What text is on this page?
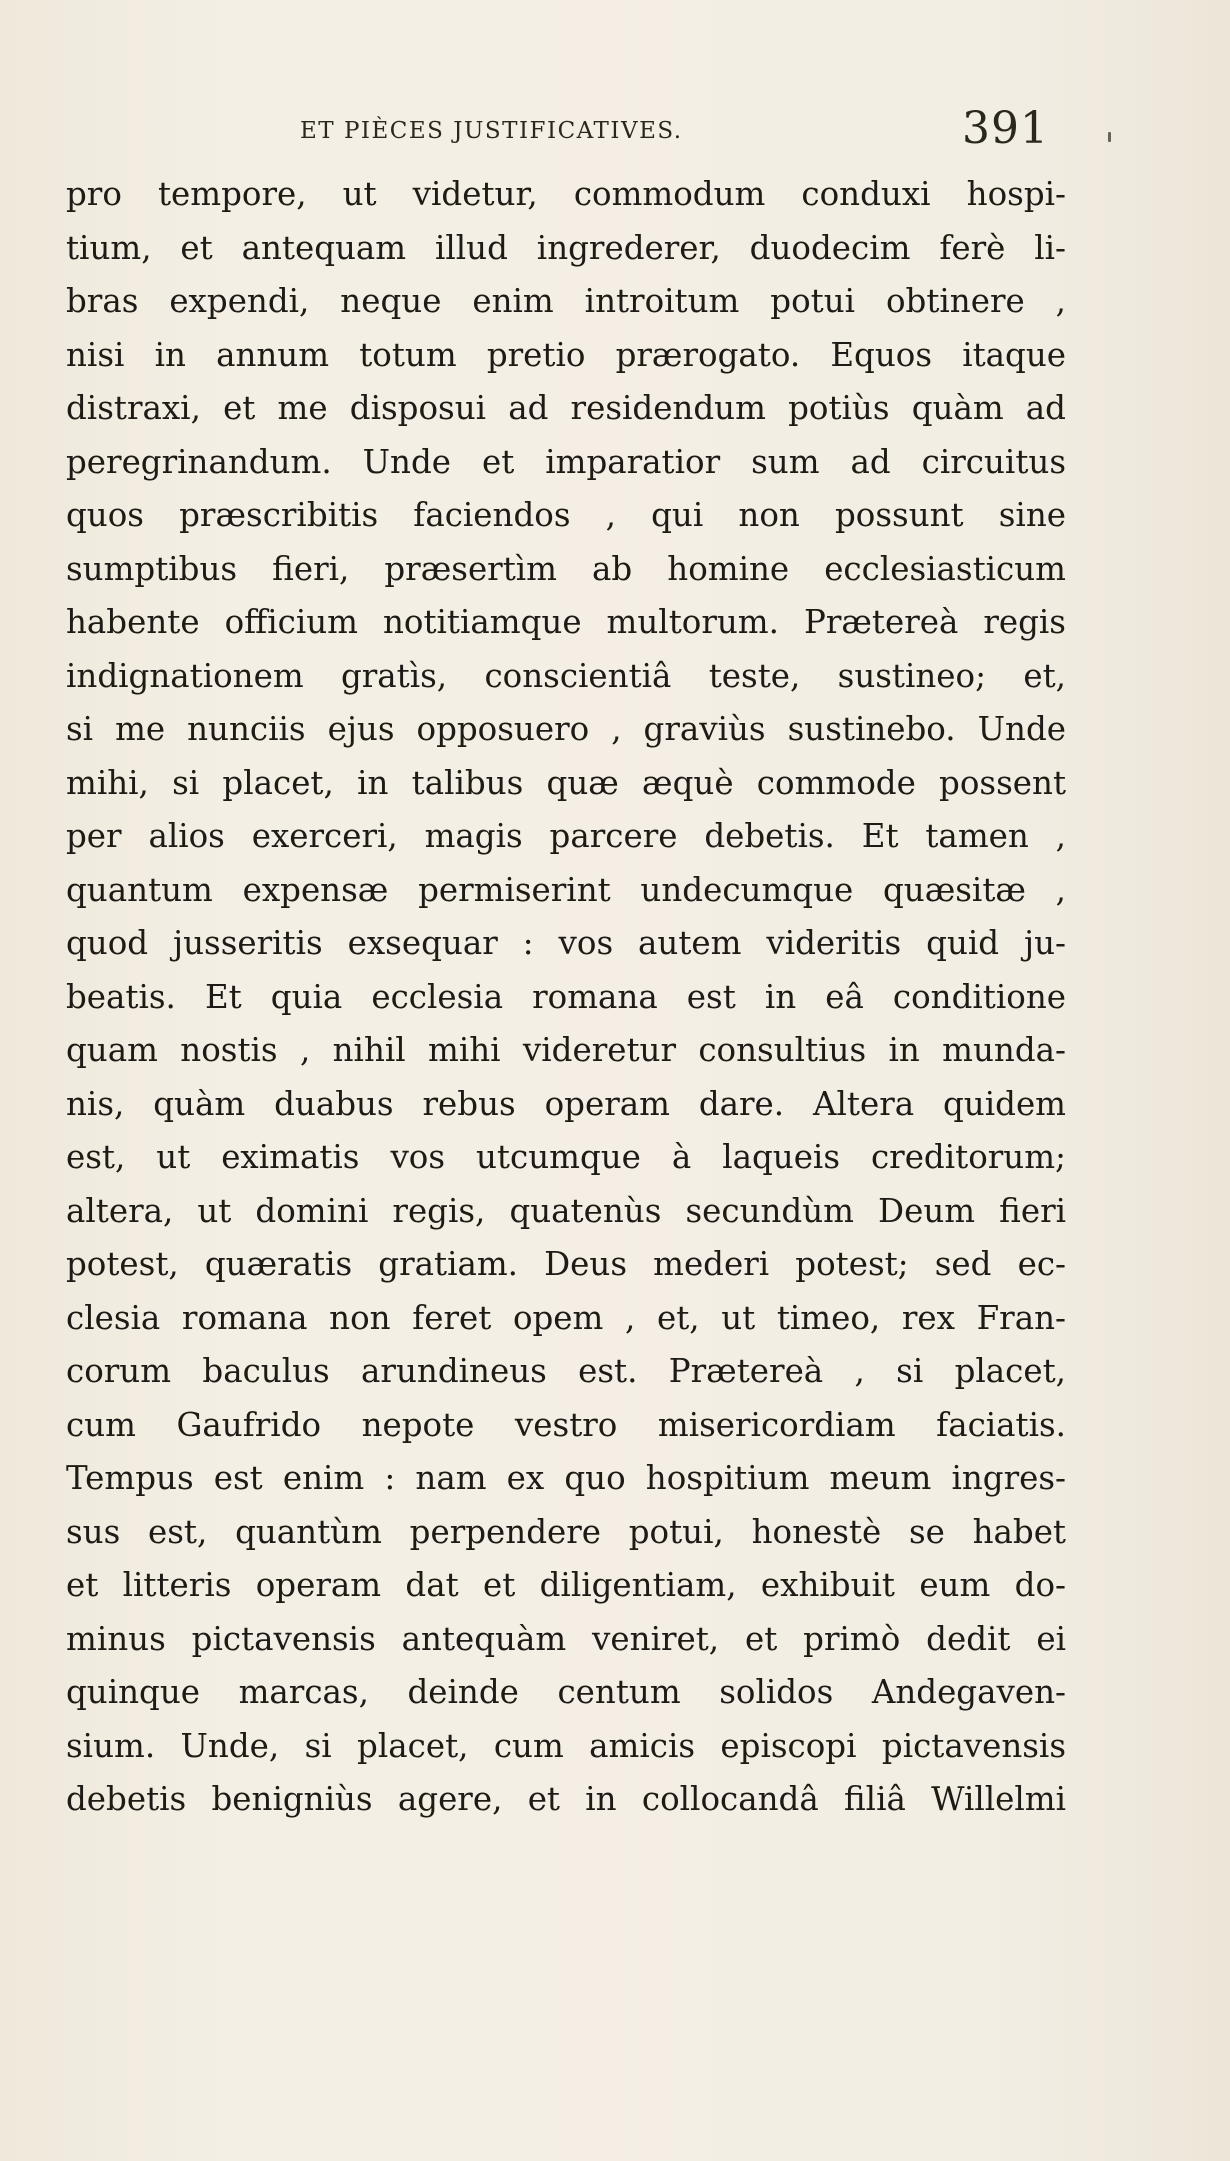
ET PIÈCES JUSTIFICATIVES.	391
pro tempore, ut videtur, commodum conduxi hospi-
tium, et antequam illud ingrederer, duodecim ferè li-
bras expendi, neque enim introitum potui obtinere ,
nisi in annum totum pretio prærogato. Equos itaque
distraxi, et me disposui ad residendum potiùs quàm ad
peregrinandum. Unde et imparatior sum ad circuitus
quos præscribitis faciendos , qui non possunt sine
sumptibus fieri, præsertìm ab homine ecclesiasticum
habente officium notitiamque multorum. Prætereà regis
indignationem gratìs, conscientiâ teste, sustineo; et,
si me nunciis ejus opposuero , graviùs sustinebo. Unde
mihi, si placet, in talibus quæ æquè commode possent
per alios exerceri, magis parcere debetis. Et tamen ,
quantum expensæ permiserint undecumque quæsitæ ,
quod jusseritis exsequar : vos autem videritis quid ju-
beatis. Et quia ecclesia romana est in eâ conditione
quam nostis , nihil mihi videretur consultius in munda-
nis, quàm duabus rebus operam dare. Altera quidem
est, ut eximatis vos utcumque à laqueis creditorum;
altera, ut domini regis, quatenùs secundùm Deum fieri
potest, quæratis gratiam. Deus mederi potest; sed ec-
clesia romana non feret opem , et, ut timeo, rex Fran-
corum baculus arundineus est. Prætereà , si placet,
cum Gaufrido nepote vestro misericordiam faciatis.
Tempus est enim : nam ex quo hospitium meum ingres-
sus est, quantùm perpendere potui, honestè se habet
et litteris operam dat et diligentiam, exhibuit eum do-
minus pictavensis antequàm veniret, et primò dedit ei
quinque marcas, deinde centum solidos Andegaven-
sium. Unde, si placet, cum amicis episcopi pictavensis
debetis benigniùs agere, et in collocandâ filiâ Willelmi
